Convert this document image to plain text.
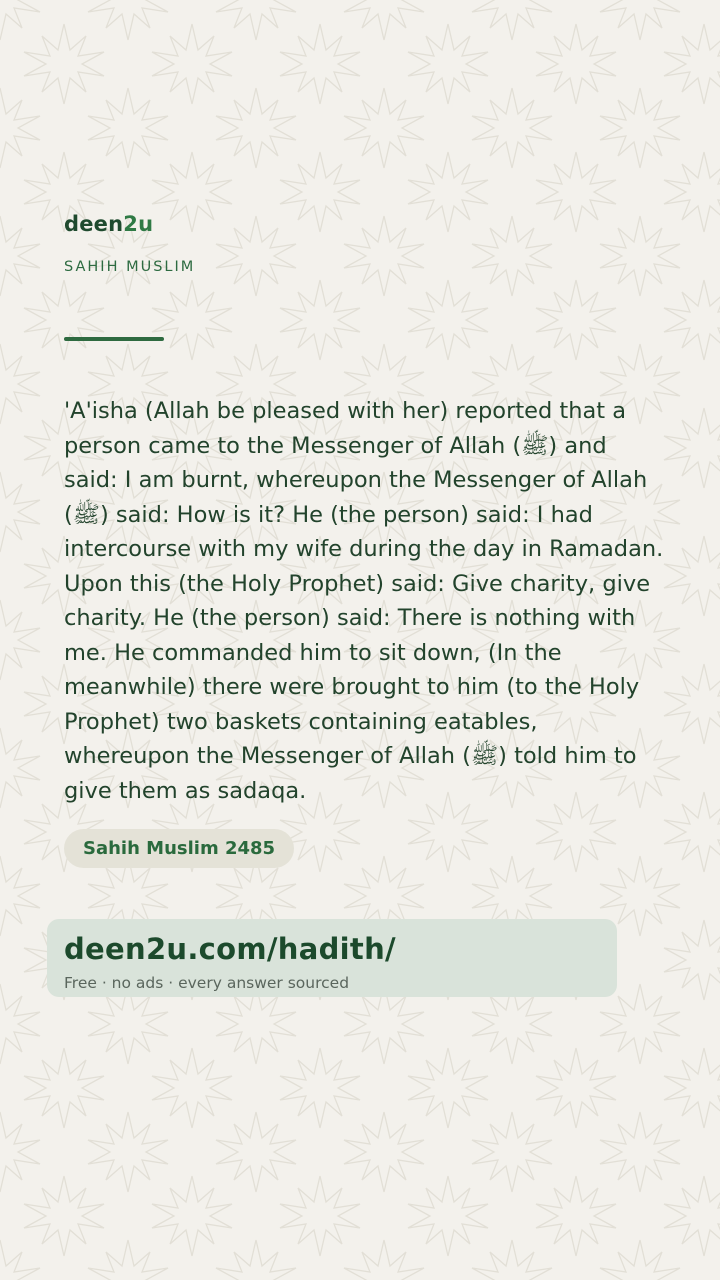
deen2u
SAHIH MUSLIM
'A'isha (Allah be pleased with her) reported that a person came to the Messenger of Allah (ﷺ) and said: I am burnt, whereupon the Messenger of Allah (ﷺ) said: How is it? He (the person) said: I had intercourse with my wife during the day in Ramadan. Upon this (the Holy Prophet) said: Give charity, give charity. He (the person) said: There is nothing with me. He commanded him to sit down, (In the meanwhile) there were brought to him (to the Holy Prophet) two baskets containing eatables, whereupon the Messenger of Allah (ﷺ) told him to give them as sadaqa.
Sahih Muslim 2485
deen2u.com/hadith/
Free · no ads · every answer sourced
